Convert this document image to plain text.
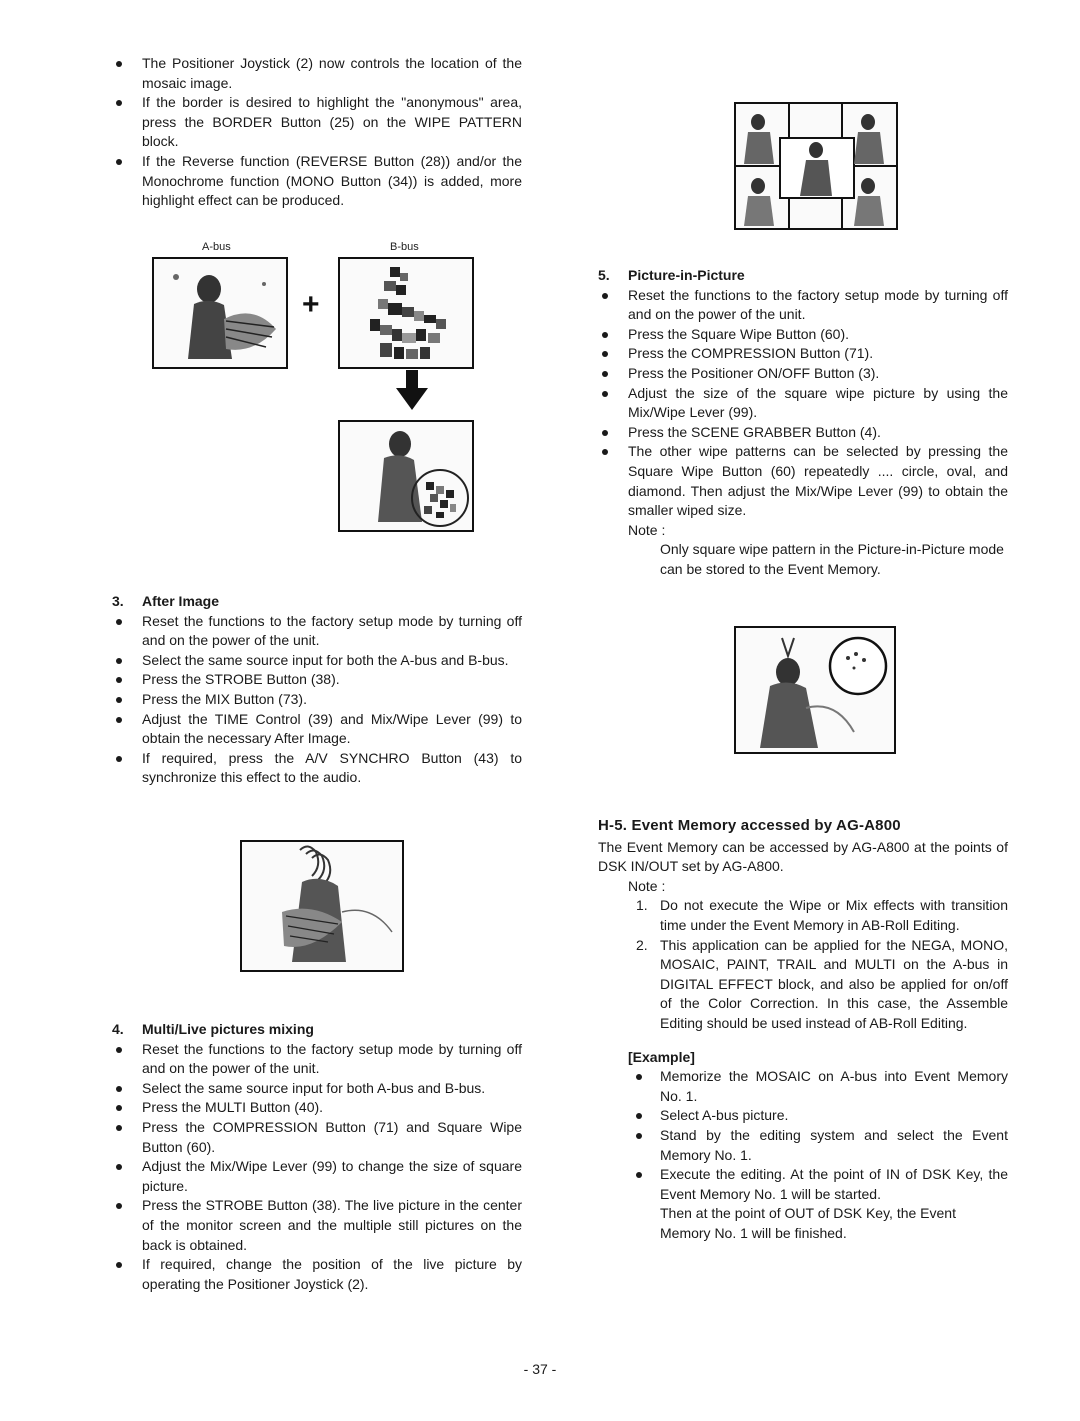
The Positioner Joystick (2) now controls the location of the mosaic image.
If the border is desired to highlight the "anonymous" area, press the BORDER Button (25) on the WIPE PATTERN block.
If the Reverse function (REVERSE Button (28)) and/or the Monochrome function (MONO Button (34)) is added, more highlight effect can be produced.
A-bus	B-bus
+

3. After Image

Reset the functions to the factory setup mode by turning off and on the power of the unit.
Select the same source input for both the A-bus and B-bus.
Press the STROBE Button (38).
Press the MIX Button (73).
Adjust the TIME Control (39) and Mix/Wipe Lever (99) to obtain the necessary After Image.
If required, press the A/V SYNCHRO Button (43) to synchronize this effect to the audio.

4. Multi/Live pictures mixing

Reset the functions to the factory setup mode by turning off and on the power of the unit.
Select the same source input for both A-bus and B-bus.
Press the MULTI Button (40).
Press the COMPRESSION Button (71) and Square Wipe Button (60).
Adjust the Mix/Wipe Lever (99) to change the size of square picture.
Press the STROBE Button (38). The live picture in the center of the monitor screen and the multiple still pictures on the back is obtained.
If required, change the position of the live picture by operating the Positioner Joystick (2).

5. Picture-in-Picture

Reset the functions to the factory setup mode by turning off and on the power of the unit.
Press the Square Wipe Button (60).
Press the COMPRESSION Button (71).
Press the Positioner ON/OFF Button (3).
Adjust the size of the square wipe picture by using the Mix/Wipe Lever (99).
Press the SCENE GRABBER Button (4).
The other wipe patterns can be selected by pressing the Square Wipe Button (60) repeatedly .... circle, oval, and diamond. Then adjust the Mix/Wipe Lever (99) to obtain the smaller wiped size.

Note :

Only square wipe pattern in the Picture-in-Picture mode can be stored to the Event Memory.

H-5. Event Memory accessed by AG-A800

The Event Memory can be accessed by AG-A800 at the points of DSK IN/OUT set by AG-A800.

Note :

1. Do not execute the Wipe or Mix effects with transition time under the Event Memory in AB-Roll Editing.
2. This application can be applied for the NEGA, MONO, MOSAIC, PAINT, TRAIL and MULTI on the A-bus in DIGITAL EFFECT block, and also be applied for on/off of the Color Correction. In this case, the Assemble Editing should be used instead of AB-Roll Editing.

[Example]

Memorize the MOSAIC on A-bus into Event Memory No. 1.
Select A-bus picture.
Stand by the editing system and select the Event Memory No. 1.
Execute the editing. At the point of IN of DSK Key, the Event Memory No. 1 will be started.

Then at the point of OUT of DSK Key, the Event Memory No. 1 will be finished.

- 37 -
